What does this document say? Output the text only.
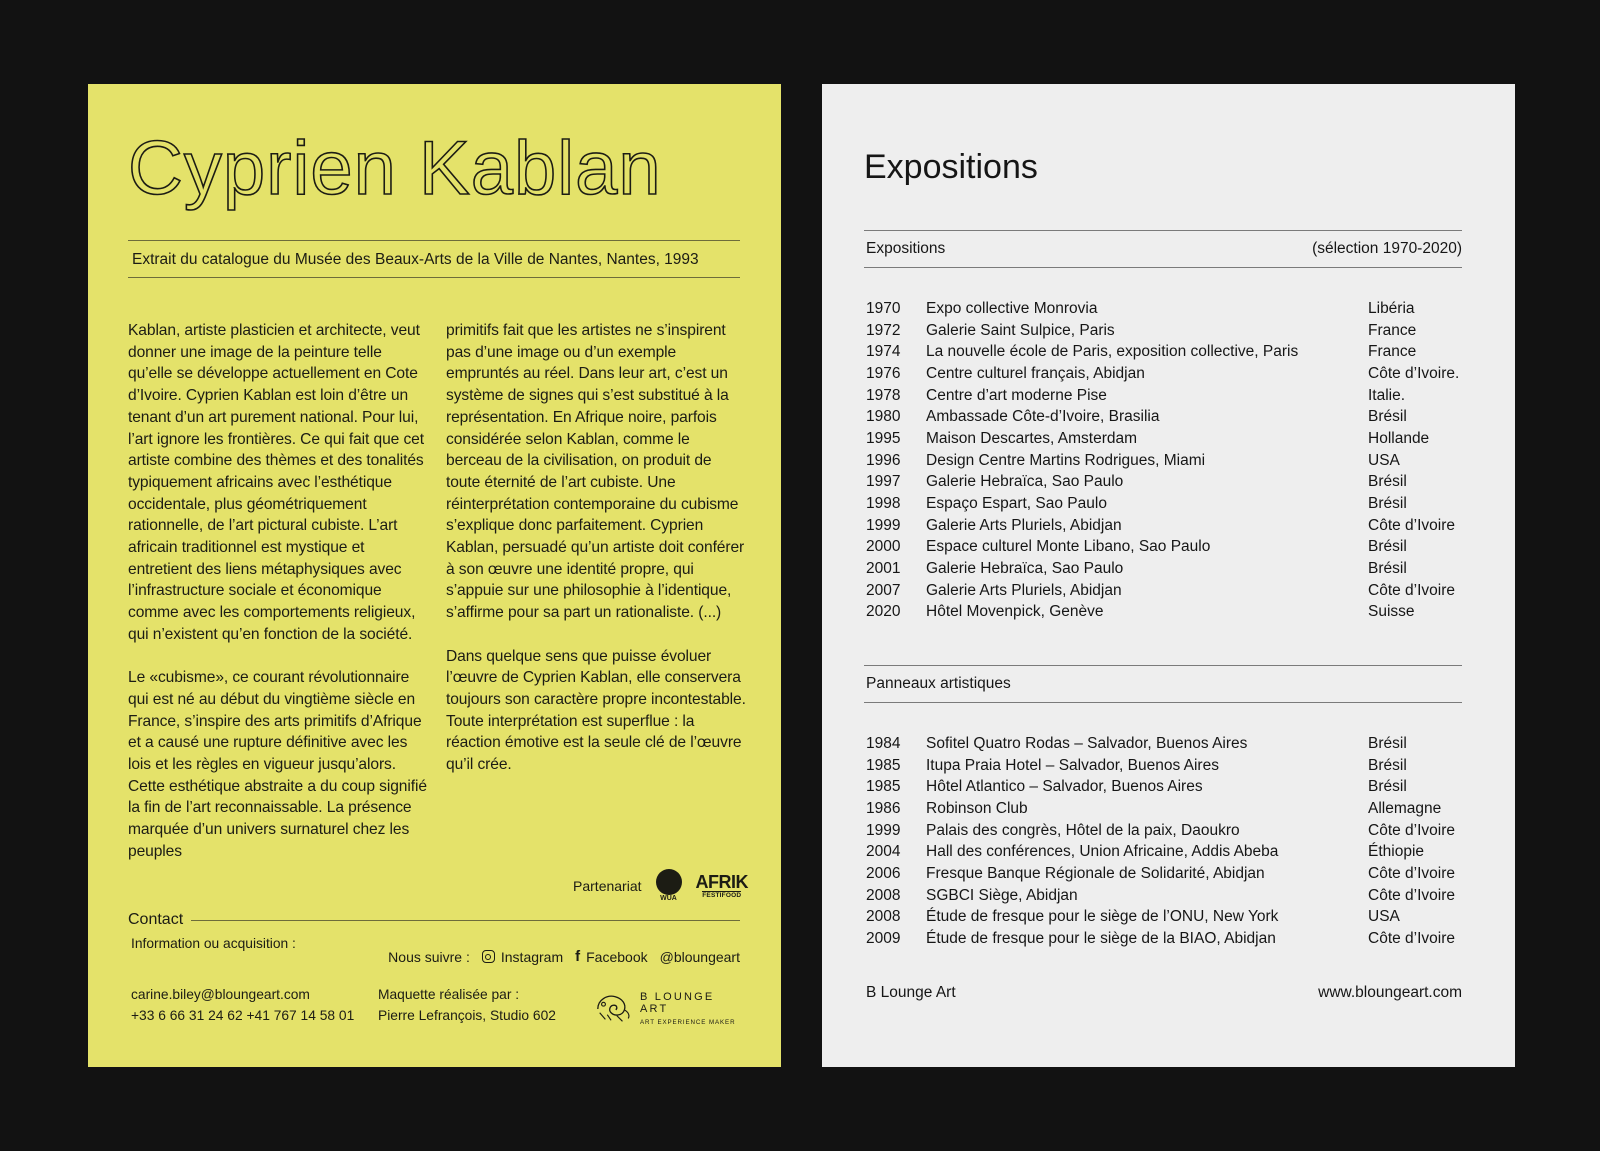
Cyprien Kablan
Extrait du catalogue du Musée des Beaux-Arts de la Ville de Nantes, Nantes, 1993

Kablan, artiste plasticien et architecte, veut donner une image de la peinture telle qu’elle se développe actuellement en Cote d’Ivoire. Cyprien Kablan est loin d’être un tenant d’un art purement national. Pour lui, l’art ignore les frontières. Ce qui fait que cet artiste combine des thèmes et des tonalités typiquement africains avec l’esthétique occidentale, plus géométriquement rationnelle, de l’art pictural cubiste. L’art africain traditionnel est mystique et entretient des liens métaphysiques avec l’infrastructure sociale et économique comme avec les comportements religieux, qui n’existent qu’en fonction de la société.

Le «cubisme», ce courant révolutionnaire qui est né au début du vingtième siècle en France, s’inspire des arts primitifs d’Afrique et a causé une rupture définitive avec les lois et les règles en vigueur jusqu’alors. Cette esthétique abstraite a du coup signifié la fin de l’art reconnaissable. La présence marquée d’un univers surnaturel chez les peuples

primitifs fait que les artistes ne s’inspirent pas d’une image ou d’un exemple empruntés au réel. Dans leur art, c’est un système de signes qui s’est substitué à la représentation. En Afrique noire, parfois considérée selon Kablan, comme le berceau de la civilisation, on produit de toute éternité de l’art cubiste. Une réinterprétation contemporaine du cubisme s’explique donc parfaitement. Cyprien Kablan, persuadé qu’un artiste doit conférer à son œuvre une identité propre, qui s’appuie sur une philosophie à l’identique, s’affirme pour sa part un rationaliste. (...)

Dans quelque sens que puisse évoluer l’œuvre de Cyprien Kablan, elle conservera toujours son caractère propre incontestable. Toute interprétation est superflue : la réaction émotive est la seule clé de l’œuvre qu’il crée.

Partenariat
WUA
AFRIK
FESTIFOOD
Contact
Information ou acquisition :
Nous suivre : Instagram f Facebook @bloungeart
carine.biley@bloungeart.com
+33 6 66 31 24 62 +41 767 14 58 01
Maquette réalisée par :
Pierre Lefrançois, Studio 602
B LOUNGE ART
ART EXPERIENCE MAKER
Expositions
Expositions	(sélection 1970-2020)
1970	Expo collective Monrovia	Libéria
1972	Galerie Saint Sulpice, Paris	France
1974	La nouvelle école de Paris, exposition collective, Paris	France
1976	Centre culturel français, Abidjan	Côte d’Ivoire.
1978	Centre d’art moderne Pise	Italie.
1980	Ambassade Côte-d’Ivoire, Brasilia	Brésil
1995	Maison Descartes, Amsterdam	Hollande
1996	Design Centre Martins Rodrigues, Miami	USA
1997	Galerie Hebraïca, Sao Paulo	Brésil
1998	Espaço Espart, Sao Paulo	Brésil
1999	Galerie Arts Pluriels, Abidjan	Côte d’Ivoire
2000	Espace culturel Monte Libano, Sao Paulo	Brésil
2001	Galerie Hebraïca, Sao Paulo	Brésil
2007	Galerie Arts Pluriels, Abidjan	Côte d’Ivoire
2020	Hôtel Movenpick, Genève	Suisse
Panneaux artistiques
1984	Sofitel Quatro Rodas – Salvador, Buenos Aires	Brésil
1985	Itupa Praia Hotel – Salvador, Buenos Aires	Brésil
1985	Hôtel Atlantico – Salvador, Buenos Aires	Brésil
1986	Robinson Club	Allemagne
1999	Palais des congrès, Hôtel de la paix, Daoukro	Côte d’Ivoire
2004	Hall des conférences, Union Africaine, Addis Abeba	Éthiopie
2006	Fresque Banque Régionale de Solidarité, Abidjan	Côte d’Ivoire
2008	SGBCI Siège, Abidjan	Côte d’Ivoire
2008	Étude de fresque pour le siège de l’ONU, New York	USA
2009	Étude de fresque pour le siège de la BIAO, Abidjan	Côte d’Ivoire
B Lounge Art	www.bloungeart.com
